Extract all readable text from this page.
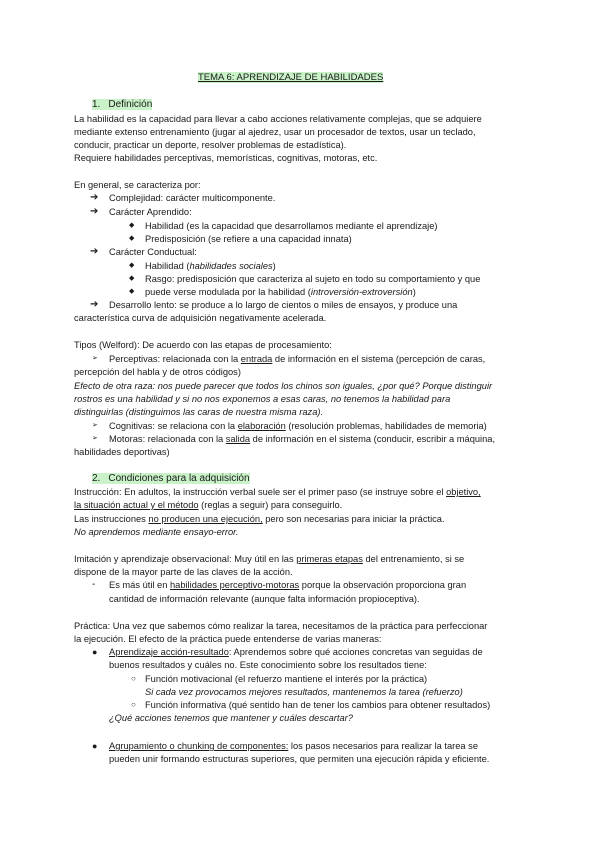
TEMA 6: APRENDIZAJE DE HABILIDADES
1. Definición
La habilidad es la capacidad para llevar a cabo acciones relativamente complejas, que se adquiere
mediante extenso entrenamiento (jugar al ajedrez, usar un procesador de textos, usar un teclado,
conducir, practicar un deporte, resolver problemas de estadística).
Requiere habilidades perceptivas, memorísticas, cognitivas, motoras, etc.
En general, se caracteriza por:
➔ Complejidad: carácter multicomponente.
➔ Carácter Aprendido:
◆ Habilidad (es la capacidad que desarrollamos mediante el aprendizaje)
◆ Predisposición (se refiere a una capacidad innata)
➔ Carácter Conductual:
◆ Habilidad (habilidades sociales)
◆ Rasgo: predisposición que caracteriza al sujeto en todo su comportamiento y que
◆ puede verse modulada por la habilidad (introversión-extroversión)
➔ Desarrollo lento: se produce a lo largo de cientos o miles de ensayos, y produce una
característica curva de adquisición negativamente acelerada.
Tipos (Welford): De acuerdo con las etapas de procesamiento:
➢ Perceptivas: relacionada con la entrada de información en el sistema (percepción de caras,
percepción del habla y de otros códigos)
Efecto de otra raza: nos puede parecer que todos los chinos son iguales, ¿por qué? Porque distinguir
rostros es una habilidad y si no nos exponemos a esas caras, no tenemos la habilidad para
distinguirlas (distinguimos las caras de nuestra misma raza).
➢ Cognitivas: se relaciona con la elaboración (resolución problemas, habilidades de memoria)
➢ Motoras: relacionada con la salida de información en el sistema (conducir, escribir a máquina,
habilidades deportivas)
2. Condiciones para la adquisición
Instrucción: En adultos, la instrucción verbal suele ser el primer paso (se instruye sobre el objetivo,
la situación actual y el método (reglas a seguir) para conseguirlo.
Las instrucciones no producen una ejecución, pero son necesarias para iniciar la práctica.
No aprendemos mediante ensayo-error.
Imitación y aprendizaje observacional: Muy útil en las primeras etapas del entrenamiento, si se
dispone de la mayor parte de las claves de la acción.
- Es más útil en habilidades perceptivo-motoras porque la observación proporciona gran
cantidad de información relevante (aunque falta información propioceptiva).
Práctica: Una vez que sabemos cómo realizar la tarea, necesitamos de la práctica para perfeccionar
la ejecución. El efecto de la práctica puede entenderse de varias maneras:
● Aprendizaje acción-resultado: Aprendemos sobre qué acciones concretas van seguidas de
buenos resultados y cuáles no. Este conocimiento sobre los resultados tiene:
○ Función motivacional (el refuerzo mantiene el interés por la práctica)
Si cada vez provocamos mejores resultados, mantenemos la tarea (refuerzo)
○ Función informativa (qué sentido han de tener los cambios para obtener resultados)
¿Qué acciones tenemos que mantener y cuáles descartar?
● Agrupamiento o chunking de componentes: los pasos necesarios para realizar la tarea se
pueden unir formando estructuras superiores, que permiten una ejecución rápida y eficiente.
